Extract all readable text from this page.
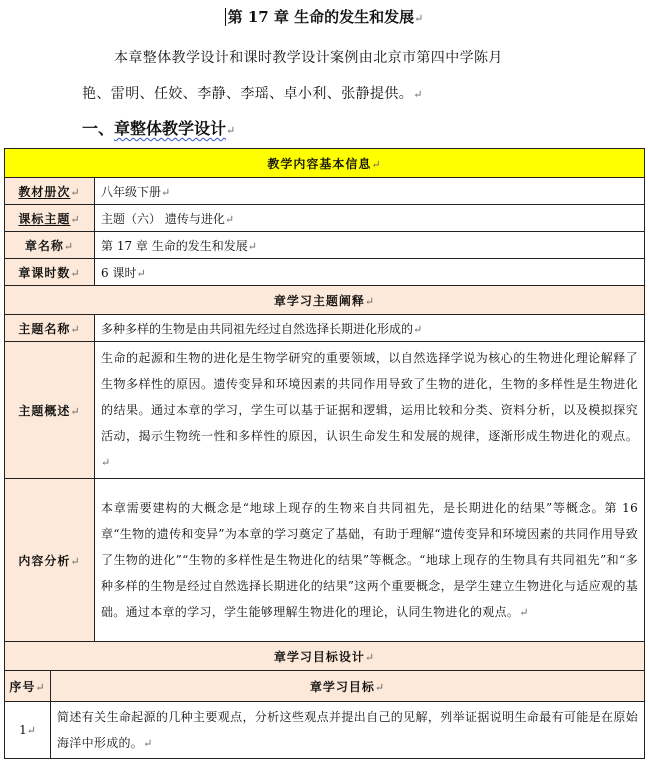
第 17 章 生命的发生和发展↵
本章整体教学设计和课时教学设计案例由北京市第四中学陈月
艳、雷明、任姣、李静、李瑶、卓小利、张静提供。↵
一、章整体教学设计↵
教学内容基本信息↵		
教材册次↵		八年级下册↵
课标主题↵		主题（六） 遗传与进化↵
章名称↵		第 17 章 生命的发生和发展↵
章课时数↵		6 课时↵
章学习主题阐释↵		
主题名称↵		多种多样的生物是由共同祖先经过自然选择长期进化形成的↵
主题概述↵		生命的起源和生物的进化是生物学研究的重要领域，以自然选择学说为核心的生物进化理论解释了生物多样性的原因。遗传变异和环境因素的共同作用导致了生物的进化，生物的多样性是生物进化的结果。通过本章的学习，学生可以基于证据和逻辑，运用比较和分类、资料分析，以及模拟探究活动，揭示生物统一性和多样性的原因，认识生命发生和发展的规律，逐渐形成生物进化的观点。↵
内容分析↵		本章需要建构的大概念是“地球上现存的生物来自共同祖先，是长期进化的结果”等概念。第 16 章“生物的遗传和变异”为本章的学习奠定了基础，有助于理解“遗传变异和环境因素的共同作用导致了生物的进化”“生物的多样性是生物进化的结果”等概念。“地球上现存的生物具有共同祖先”和“多种多样的生物是经过自然选择长期进化的结果”这两个重要概念，是学生建立生物进化与适应观的基础。通过本章的学习，学生能够理解生物进化的理论，认同生物进化的观点。↵
章学习目标设计↵		
序号↵	章学习目标↵	
1↵	简述有关生命起源的几种主要观点，分析这些观点并提出自己的见解，列举证据说明生命最有可能是在原始海洋中形成的。↵	
